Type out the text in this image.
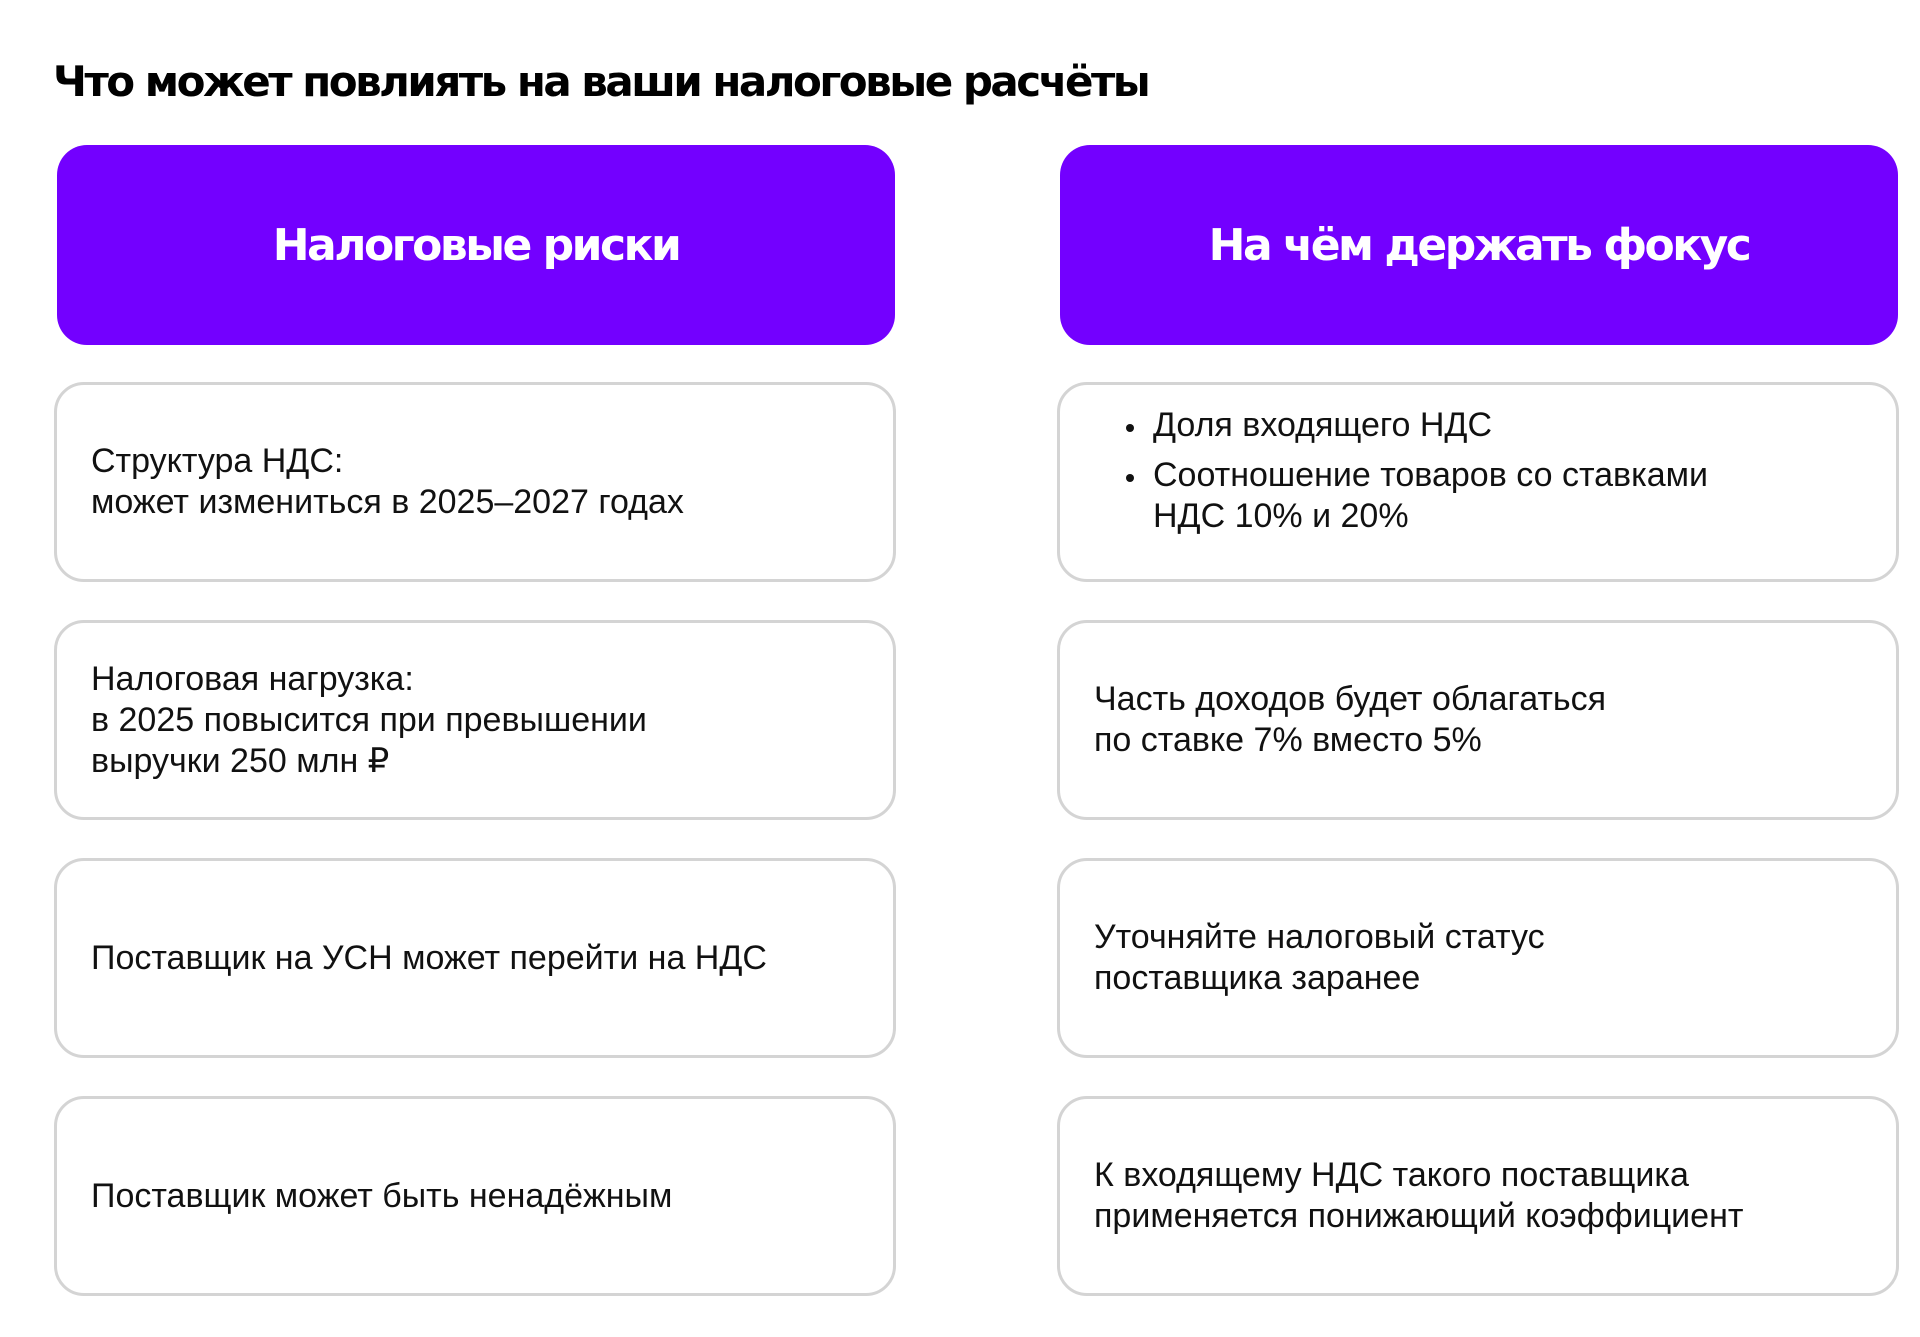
Что может повлиять на ваши налоговые расчёты
Налоговые риски
Структура НДС:
может измениться в 2025–2027 годах
Налоговая нагрузка:
в 2025 повысится при превышении
выручки 250 млн ₽
Поставщик на УСН может перейти на НДС
Поставщик может быть ненадёжным
На чём держать фокус
• Доля входящего НДС
• Соотношение товаров со ставками
НДС 10% и 20%
Часть доходов будет облагаться
по ставке 7% вместо 5%
Уточняйте налоговый статус
поставщика заранее
К входящему НДС такого поставщика
применяется понижающий коэффициент
